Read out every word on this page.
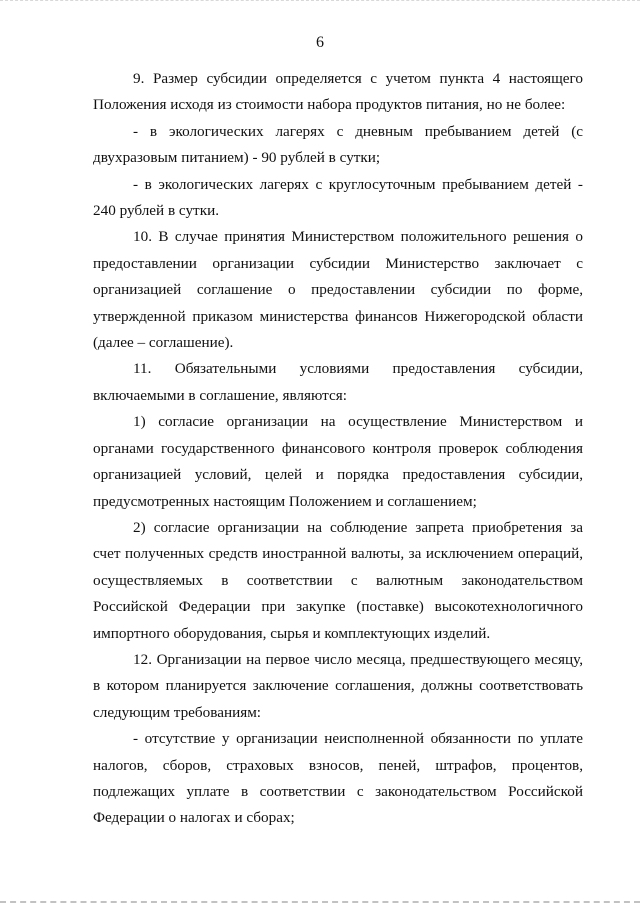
6

9. Размер субсидии определяется с учетом пункта 4 настоящего Положения исходя из стоимости набора продуктов питания, но не более:

- в экологических лагерях с дневным пребыванием детей (с двухразовым питанием) - 90 рублей в сутки;

- в экологических лагерях с круглосуточным пребыванием детей - 240 рублей в сутки.

10. В случае принятия Министерством положительного решения о предоставлении организации субсидии Министерство заключает с организацией соглашение о предоставлении субсидии по форме, утвержденной приказом министерства финансов Нижегородской области (далее – соглашение).

11. Обязательными условиями предоставления субсидии, включаемыми в соглашение, являются:

1) согласие организации на осуществление Министерством и органами государственного финансового контроля проверок соблюдения организацией условий, целей и порядка предоставления субсидии, предусмотренных настоящим Положением и соглашением;

2) согласие организации на соблюдение запрета приобретения за счет полученных средств иностранной валюты, за исключением операций, осуществляемых в соответствии с валютным законодательством Российской Федерации при закупке (поставке) высокотехнологичного импортного оборудования, сырья и комплектующих изделий.

12. Организации на первое число месяца, предшествующего месяцу, в котором планируется заключение соглашения, должны соответствовать следующим требованиям:

- отсутствие у организации неисполненной обязанности по уплате налогов, сборов, страховых взносов, пеней, штрафов, процентов, подлежащих уплате в соответствии с законодательством Российской Федерации о налогах и сборах;
